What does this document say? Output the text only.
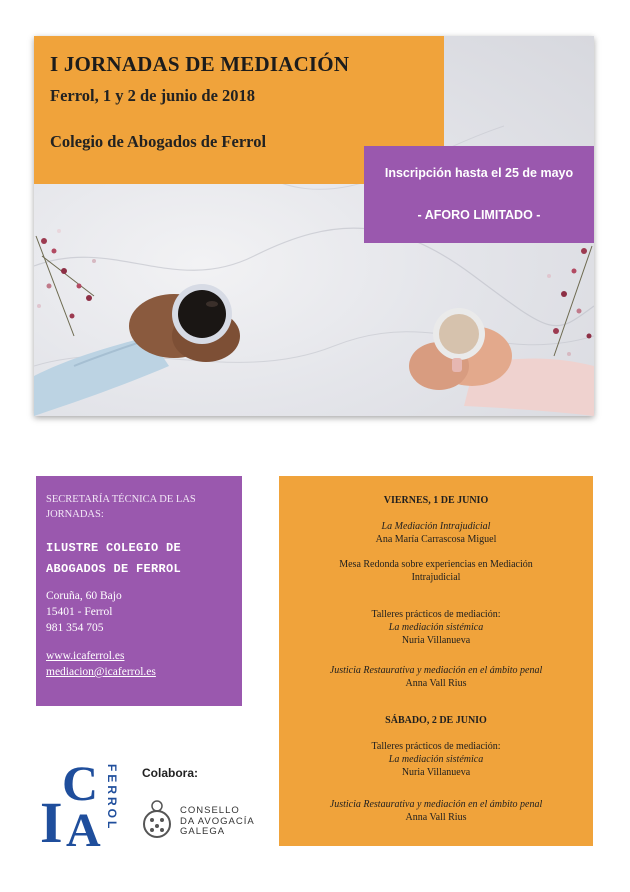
I JORNADAS DE MEDIACIÓN
Ferrol, 1 y 2 de junio de 2018
Colegio de Abogados de Ferrol
Inscripción hasta el 25 de mayo
- AFORO LIMITADO -
SECRETARÍA TÉCNICA DE LAS
JORNADAS:
ILUSTRE COLEGIO DE
ABOGADOS DE FERROL
Coruña, 60 Bajo
15401 - Ferrol
981 354 705
www.icaferrol.es
mediacion@icaferrol.es
VIERNES, 1 DE JUNIO
La Mediación Intrajudicial
Ana María Carrascosa Miguel
Mesa Redonda sobre experiencias en Mediación
Intrajudicial
Talleres prácticos de mediación:
La mediación sistémica
Nuria Villanueva
Justicia Restaurativa y mediación en el ámbito penal
Anna Vall Rius
SÁBADO, 2 DE JUNIO
Talleres prácticos de mediación:
La mediación sistémica
Nuria Villanueva
Justicia Restaurativa y mediación en el ámbito penal
Anna Vall Rius
I
C
A FERROL Colabora:
CONSELLO
DA AVOGACÍA
GALEGA
